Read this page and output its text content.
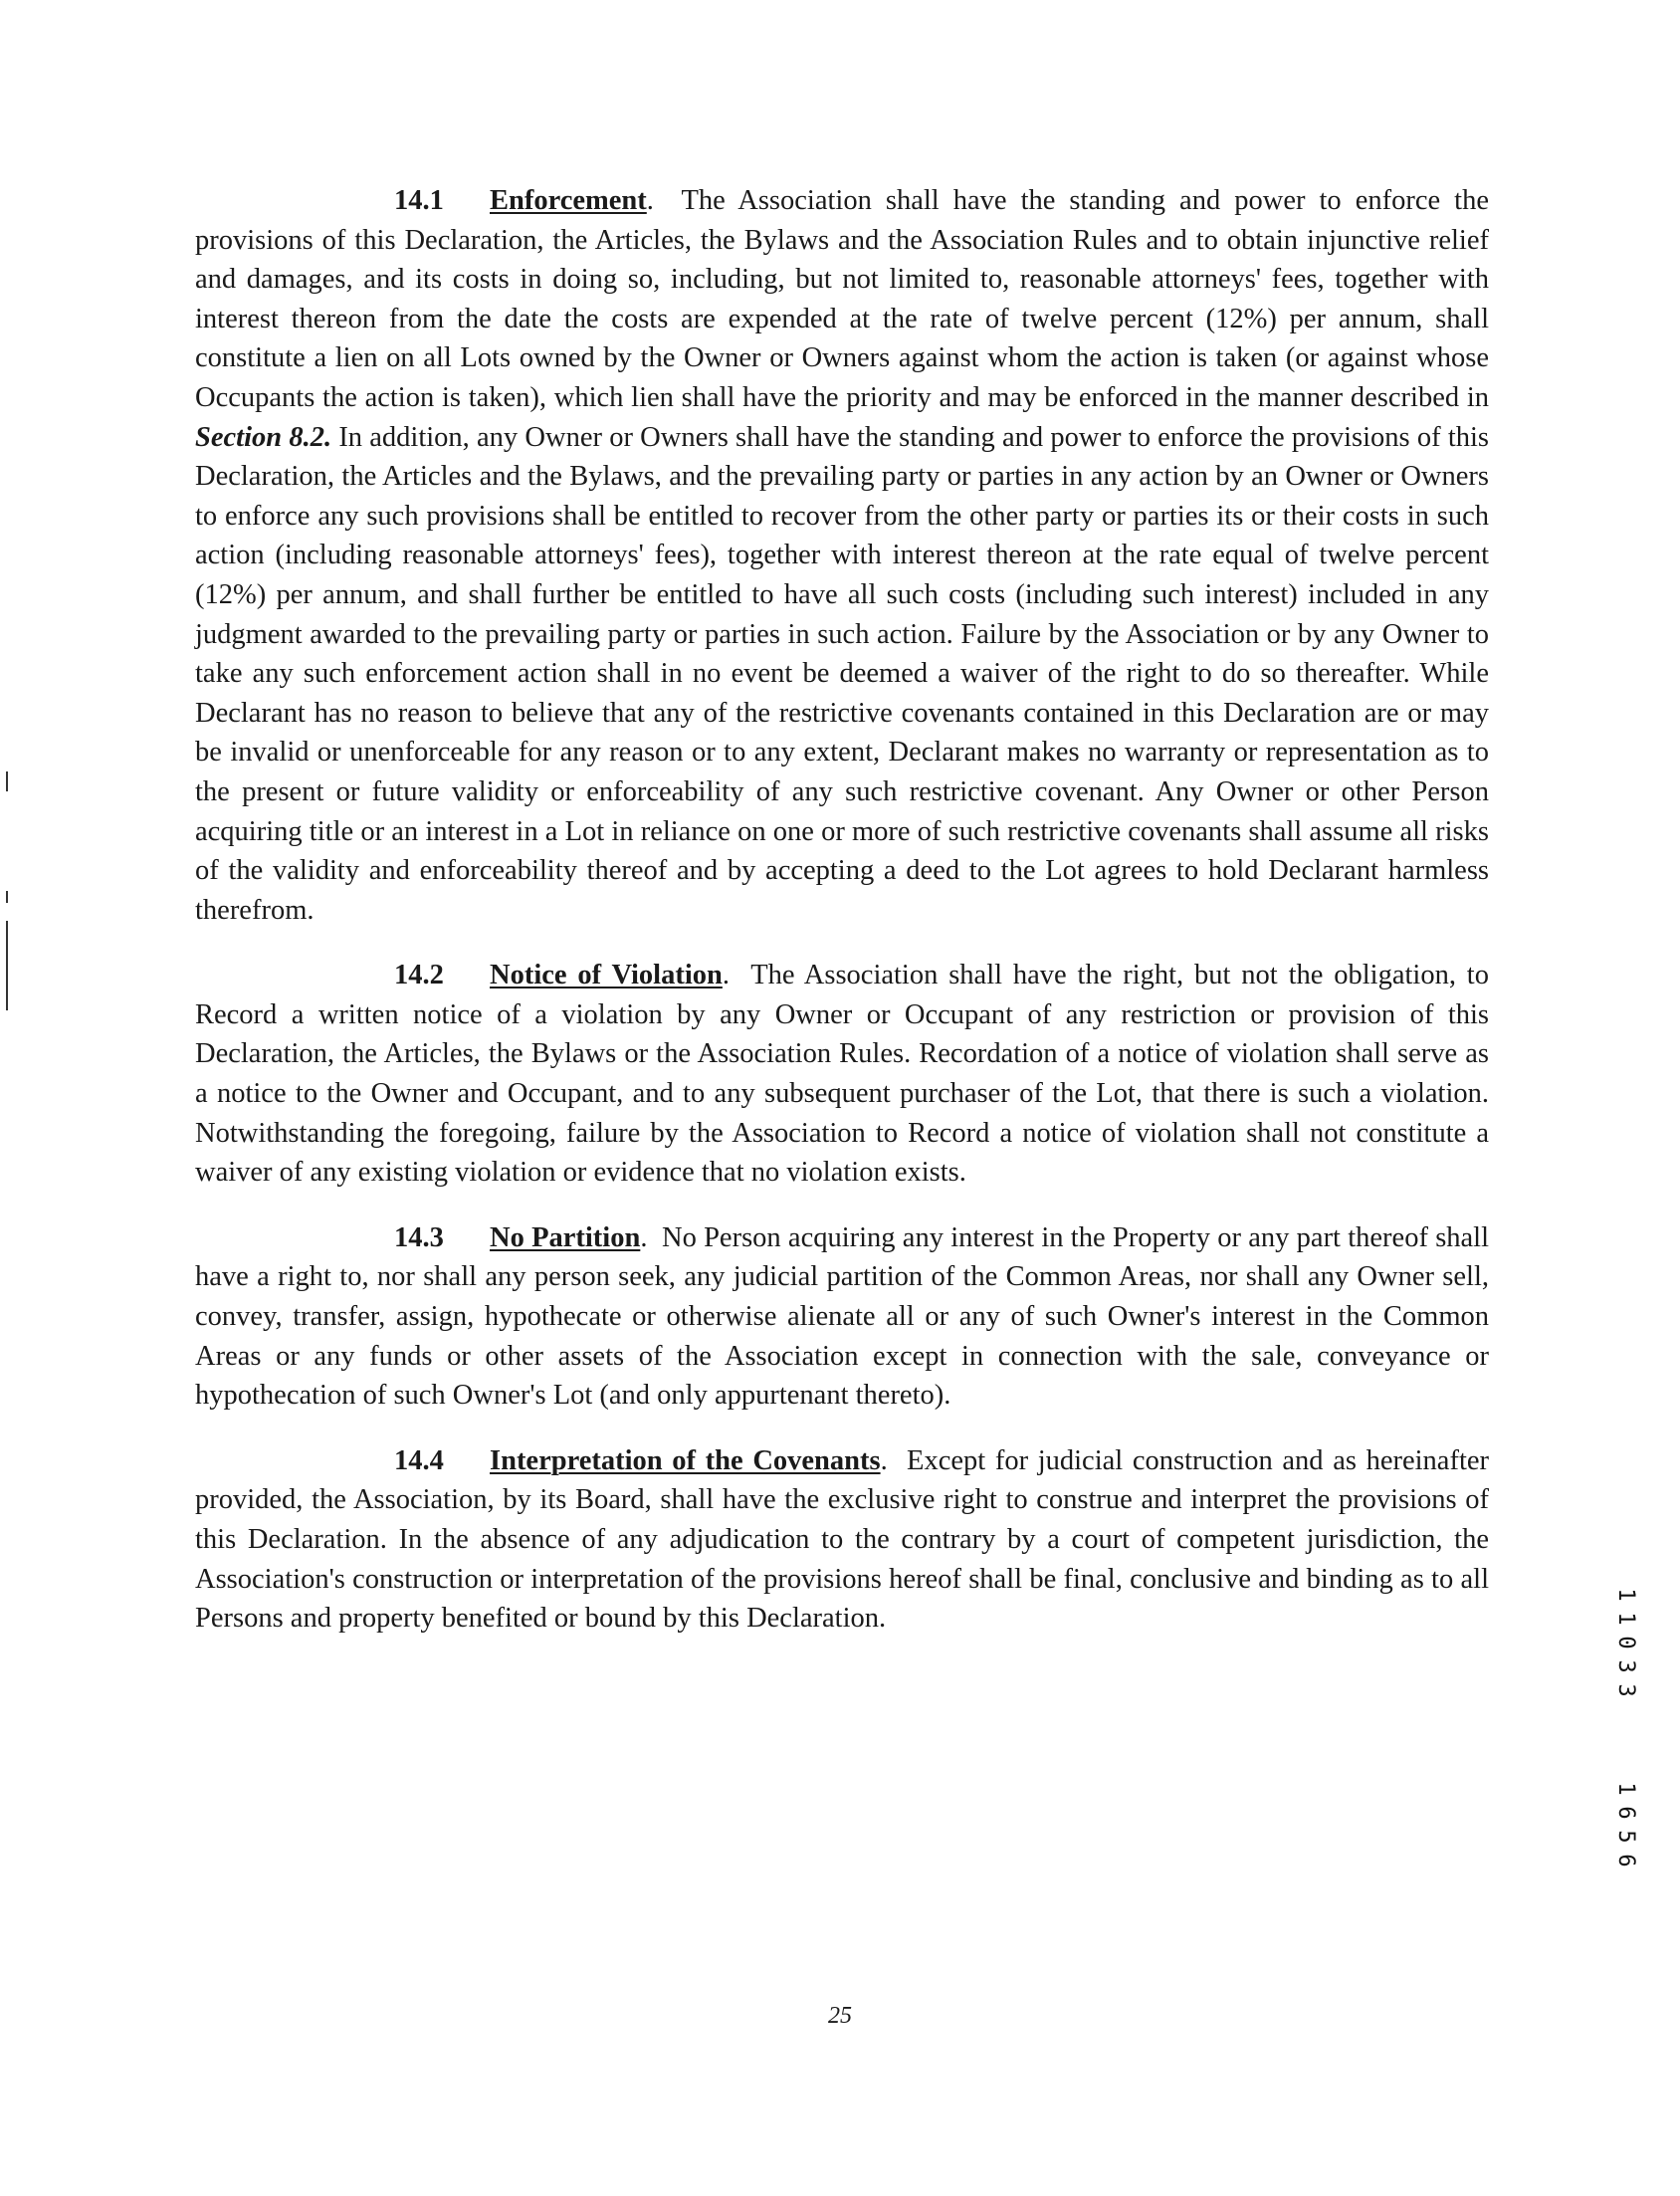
14.1 Enforcement. The Association shall have the standing and power to enforce the provisions of this Declaration, the Articles, the Bylaws and the Association Rules and to obtain injunctive relief and damages, and its costs in doing so, including, but not limited to, reasonable attorneys' fees, together with interest thereon from the date the costs are expended at the rate of twelve percent (12%) per annum, shall constitute a lien on all Lots owned by the Owner or Owners against whom the action is taken (or against whose Occupants the action is taken), which lien shall have the priority and may be enforced in the manner described in Section 8.2. In addition, any Owner or Owners shall have the standing and power to enforce the provisions of this Declaration, the Articles and the Bylaws, and the prevailing party or parties in any action by an Owner or Owners to enforce any such provisions shall be entitled to recover from the other party or parties its or their costs in such action (including reasonable attorneys' fees), together with interest thereon at the rate equal of twelve percent (12%) per annum, and shall further be entitled to have all such costs (including such interest) included in any judgment awarded to the prevailing party or parties in such action. Failure by the Association or by any Owner to take any such enforcement action shall in no event be deemed a waiver of the right to do so thereafter. While Declarant has no reason to believe that any of the restrictive covenants contained in this Declaration are or may be invalid or unenforceable for any reason or to any extent, Declarant makes no warranty or representation as to the present or future validity or enforceability of any such restrictive covenant. Any Owner or other Person acquiring title or an interest in a Lot in reliance on one or more of such restrictive covenants shall assume all risks of the validity and enforceability thereof and by accepting a deed to the Lot agrees to hold Declarant harmless therefrom.

14.2 Notice of Violation. The Association shall have the right, but not the obligation, to Record a written notice of a violation by any Owner or Occupant of any restriction or provision of this Declaration, the Articles, the Bylaws or the Association Rules. Recordation of a notice of violation shall serve as a notice to the Owner and Occupant, and to any subsequent purchaser of the Lot, that there is such a violation. Notwithstanding the foregoing, failure by the Association to Record a notice of violation shall not constitute a waiver of any existing violation or evidence that no violation exists.

14.3 No Partition. No Person acquiring any interest in the Property or any part thereof shall have a right to, nor shall any person seek, any judicial partition of the Common Areas, nor shall any Owner sell, convey, transfer, assign, hypothecate or otherwise alienate all or any of such Owner's interest in the Common Areas or any funds or other assets of the Association except in connection with the sale, conveyance or hypothecation of such Owner's Lot (and only appurtenant thereto).

14.4 Interpretation of the Covenants. Except for judicial construction and as hereinafter provided, the Association, by its Board, shall have the exclusive right to construe and interpret the provisions of this Declaration. In the absence of any adjudication to the contrary by a court of competent jurisdiction, the Association's construction or interpretation of the provisions hereof shall be final, conclusive and binding as to all Persons and property benefited or bound by this Declaration.

1
1
0
3
3
1
6
5
6
25
